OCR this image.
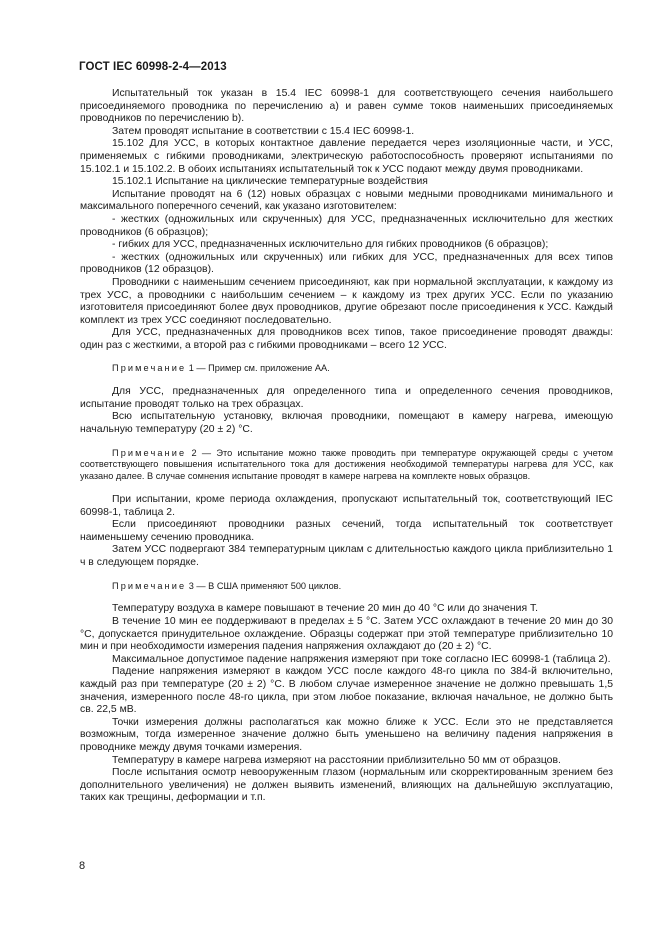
ГОСТ IEC 60998-2-4—2013

Испытательный ток указан в 15.4 IEC 60998-1 для соответствующего сечения наибольшего присоединяемого проводника по перечислению а) и равен сумме токов наименьших присоединяемых проводников по перечислению b).

Затем проводят испытание в соответствии с 15.4 IEC 60998-1.

15.102 Для УСС, в которых контактное давление передается через изоляционные части, и УСС, применяемых с гибкими проводниками, электрическую работоспособность проверяют испытаниями по 15.102.1 и 15.102.2. В обоих испытаниях испытательный ток к УСС подают между двумя проводниками.

15.102.1 Испытание на циклические температурные воздействия

Испытание проводят на 6 (12) новых образцах с новыми медными проводниками минимального и максимального поперечного сечений, как указано изготовителем:

- жестких (одножильных или скрученных) для УСС, предназначенных исключительно для жестких проводников (6 образцов);

- гибких для УСС, предназначенных исключительно для гибких проводников (6 образцов);

- жестких (одножильных или скрученных) или гибких для УСС, предназначенных для всех типов проводников (12 образцов).

Проводники с наименьшим сечением присоединяют, как при нормальной эксплуатации, к каждому из трех УСС, а проводники с наибольшим сечением – к каждому из трех других УСС. Если по указанию изготовителя присоединяют более двух проводников, другие обрезают после присоединения к УСС. Каждый комплект из трех УСС соединяют последовательно.

Для УСС, предназначенных для проводников всех типов, такое присоединение проводят дважды: один раз с жесткими, а второй раз с гибкими проводниками – всего 12 УСС.

Примечание 1 — Пример см. приложение АА.

Для УСС, предназначенных для определенного типа и определенного сечения проводников, испытание проводят только на трех образцах.

Всю испытательную установку, включая проводники, помещают в камеру нагрева, имеющую начальную температуру (20 ± 2) °С.

Примечание 2 — Это испытание можно также проводить при температуре окружающей среды с учетом соответствующего повышения испытательного тока для достижения необходимой температуры нагрева для УСС, как указано далее. В случае сомнения испытание проводят в камере нагрева на комплекте новых образцов.

При испытании, кроме периода охлаждения, пропускают испытательный ток, соответствующий IEC 60998-1, таблица 2.

Если присоединяют проводники разных сечений, тогда испытательный ток соответствует наименьшему сечению проводника.

Затем УСС подвергают 384 температурным циклам с длительностью каждого цикла приблизительно 1 ч в следующем порядке.

Примечание 3 — В США применяют 500 циклов.

Температуру воздуха в камере повышают в течение 20 мин до 40 °С или до значения Т.

В течение 10 мин ее поддерживают в пределах ± 5 °С. Затем УСС охлаждают в течение 20 мин до 30 °С, допускается принудительное охлаждение. Образцы содержат при этой температуре приблизительно 10 мин и при необходимости измерения падения напряжения охлаждают до (20 ± 2) °С.

Максимальное допустимое падение напряжения измеряют при токе согласно IEC 60998-1 (таблица 2).

Падение напряжения измеряют в каждом УСС после каждого 48-го цикла по 384-й включительно, каждый раз при температуре (20 ± 2) °С. В любом случае измеренное значение не должно превышать 1,5 значения, измеренного после 48-го цикла, при этом любое показание, включая начальное, не должно быть св. 22,5 мВ.

Точки измерения должны располагаться как можно ближе к УСС. Если это не представляется возможным, тогда измеренное значение должно быть уменьшено на величину падения напряжения в проводнике между двумя точками измерения.

Температуру в камере нагрева измеряют на расстоянии приблизительно 50 мм от образцов.

После испытания осмотр невооруженным глазом (нормальным или скорректированным зрением без дополнительного увеличения) не должен выявить изменений, влияющих на дальнейшую эксплуатацию, таких как трещины, деформации и т.п.

8
